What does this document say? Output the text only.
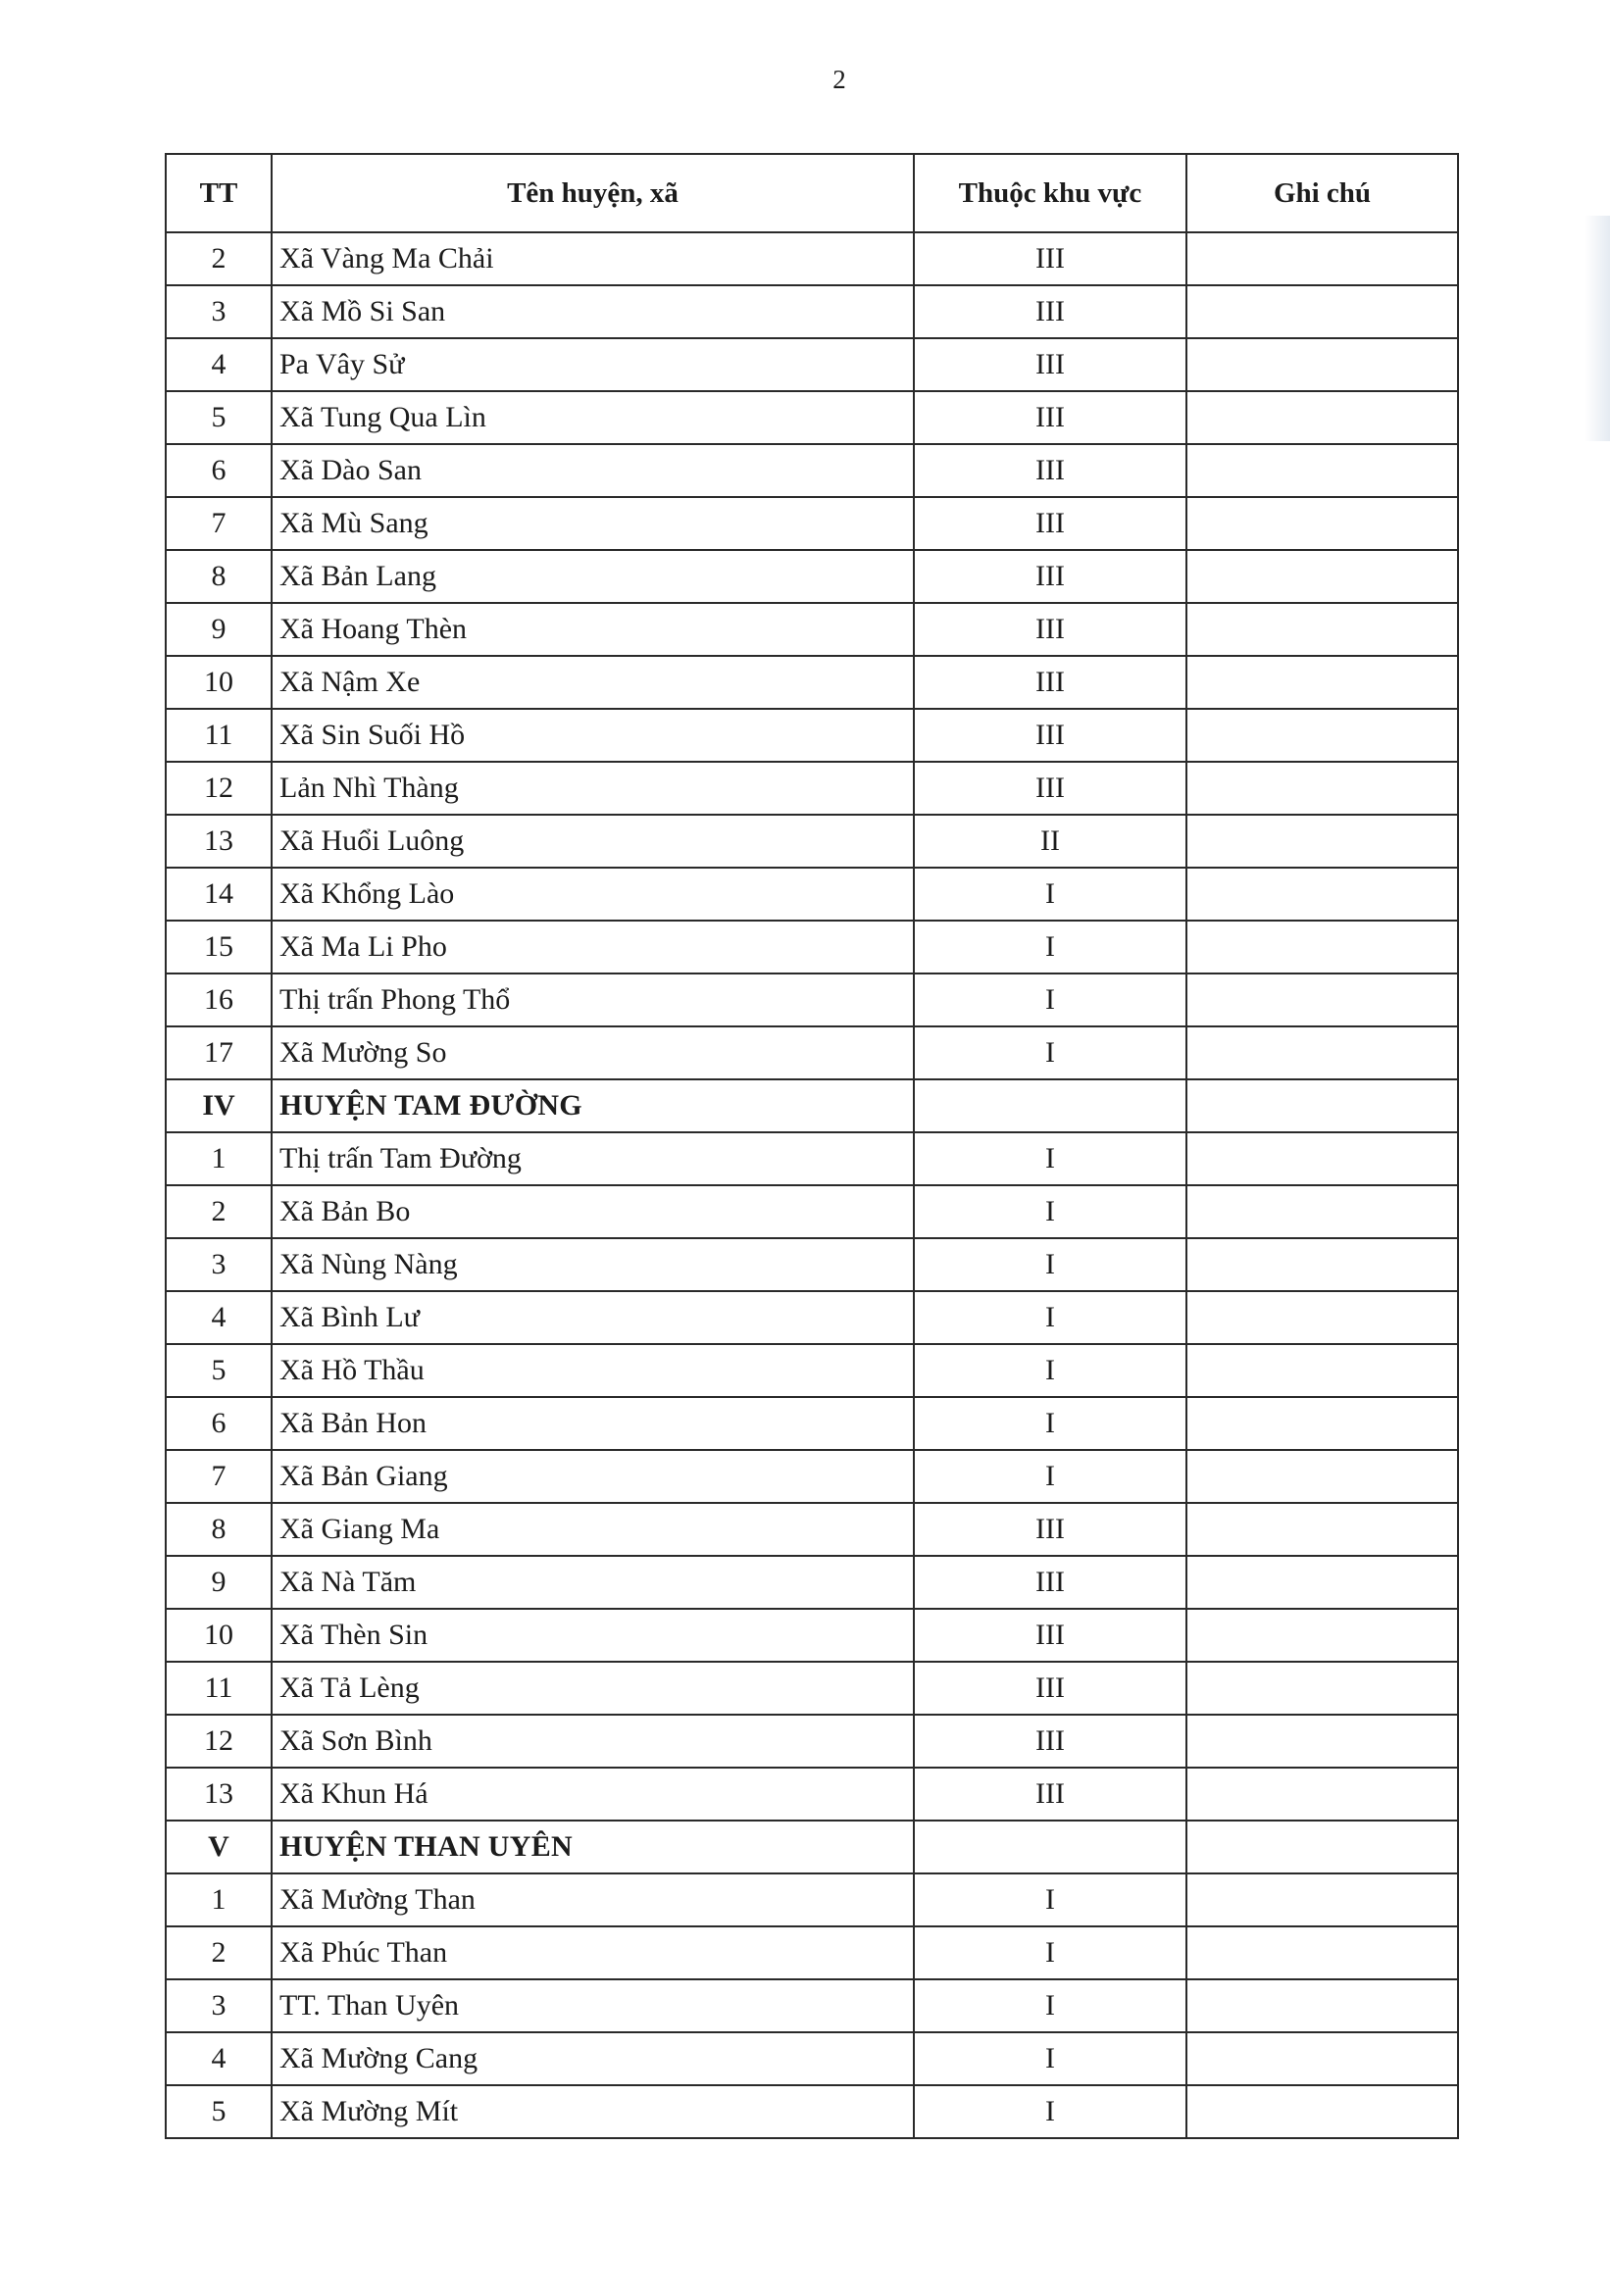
2
TT	Tên huyện, xã	Thuộc khu vực	Ghi chú
2	Xã Vàng Ma Chải	III	
3	Xã Mồ Si San	III	
4	Pa Vây Sử	III	
5	Xã Tung Qua Lìn	III	
6	Xã Dào San	III	
7	Xã Mù Sang	III	
8	Xã Bản Lang	III	
9	Xã Hoang Thèn	III	
10	Xã Nậm Xe	III	
11	Xã Sin Suối Hồ	III	
12	Lản Nhì Thàng	III	
13	Xã Huổi Luông	II	
14	Xã Khổng Lào	I	
15	Xã Ma Li Pho	I	
16	Thị trấn Phong Thổ	I	
17	Xã Mường So	I	
IV	HUYỆN TAM ĐƯỜNG		
1	Thị trấn Tam Đường	I	
2	Xã Bản Bo	I	
3	Xã Nùng Nàng	I	
4	Xã Bình Lư	I	
5	Xã Hồ Thầu	I	
6	Xã Bản Hon	I	
7	Xã Bản Giang	I	
8	Xã Giang Ma	III	
9	Xã Nà Tăm	III	
10	Xã Thèn Sin	III	
11	Xã Tả Lèng	III	
12	Xã Sơn Bình	III	
13	Xã Khun Há	III	
V	HUYỆN THAN UYÊN		
1	Xã Mường Than	I	
2	Xã Phúc Than	I	
3	TT. Than Uyên	I	
4	Xã Mường Cang	I	
5	Xã Mường Mít	I	
